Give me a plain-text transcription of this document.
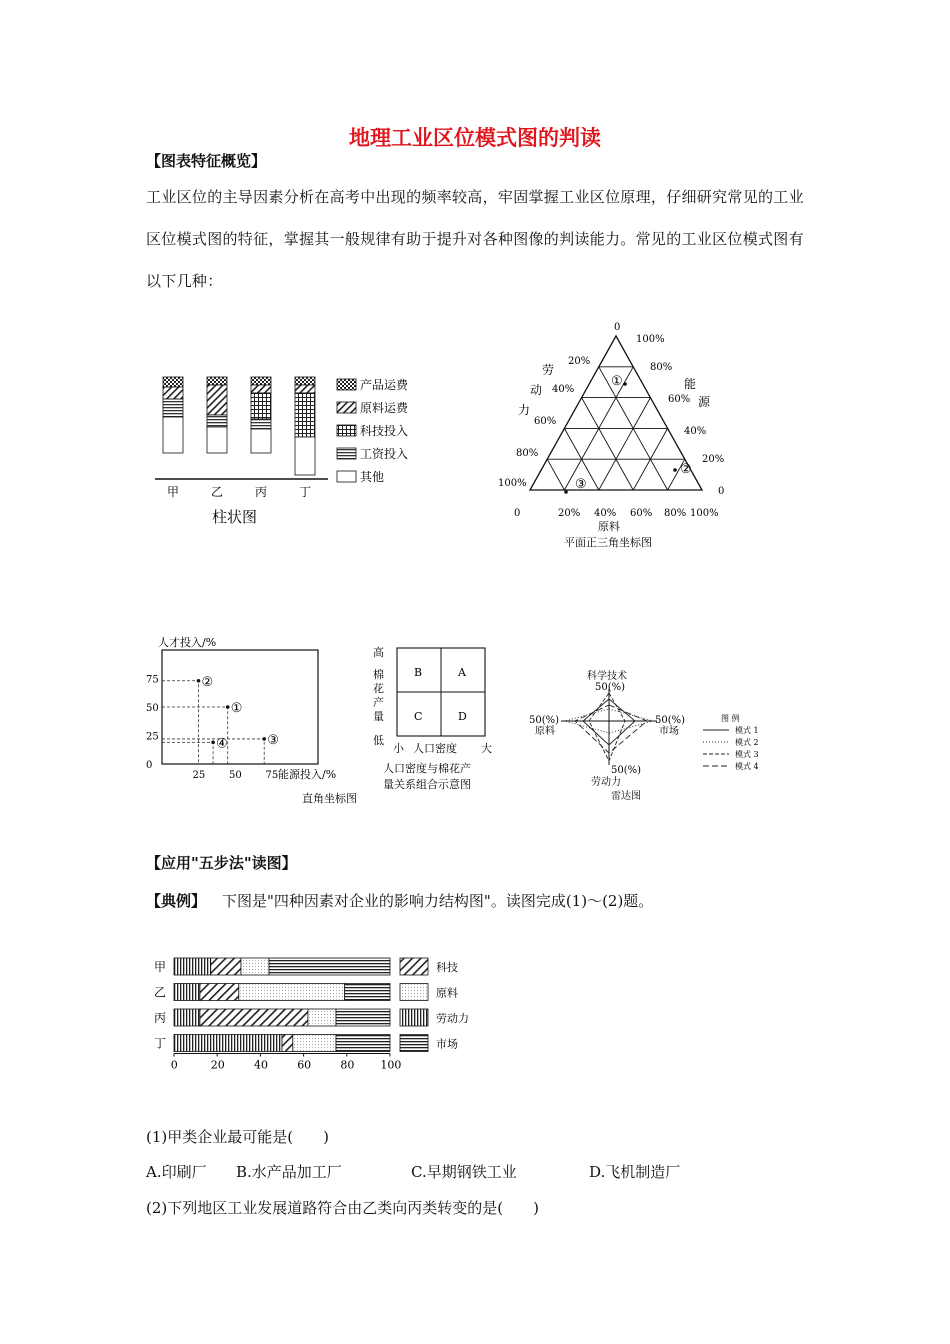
地理工业区位模式图的判读
【图表特征概览】
工业区位的主导因素分析在高考中出现的频率较高，牢固掌握工业区位原理，仔细研究常见的工业区位模式图的特征，掌握其一般规律有助于提升对各种图像的判读能力。常见的工业区位模式图有以下几种：
甲	乙	丙	丁
柱状图
产品运费
原料运费
科技投入
工资投入
其他
0
20%
40%
60%
80%
100%
100%
80%
60%
40%
20%
0
0	20% 40% 60% 80% 100%
劳
动
力
能
源
原料
平面正三角坐标图
①
②
③
人才投入/%
能源投入/%
直角坐标图
75
50
25
0
25 50 75
①
②
③
④
B	A
C	D
高
棉
花
产
量
低
小 人口密度 大
人口密度与棉花产
量关系组合示意图
科学技术
50(%)
50(%)
市场
50(%)
劳动力
50(%)
原料
雷达图
图 例
模式 1
模式 2
模式 3
模式 4
【应用"五步法"读图】
【典例】 下图是"四种因素对企业的影响力结构图"。读图完成(1)～(2)题。
甲
乙
丙
丁
0	20	40	60	80 100
科技
原料
劳动力
市场
(1)甲类企业最可能是(　　)
A.印刷厂 B.水产品加工厂	C.早期钢铁工业	D.飞机制造厂
(2)下列地区工业发展道路符合由乙类向丙类转变的是(　　)
